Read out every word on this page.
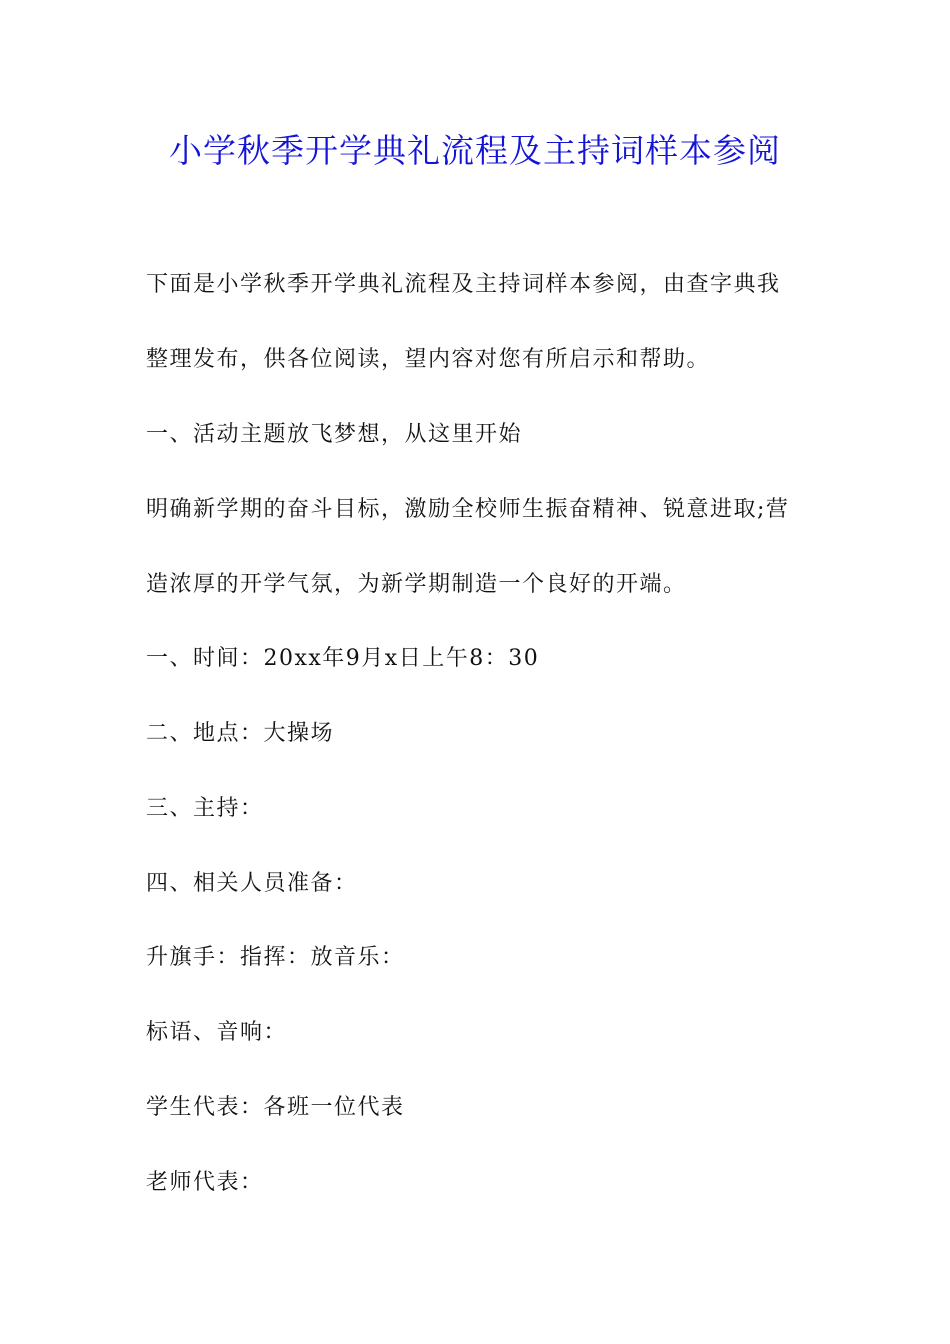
小学秋季开学典礼流程及主持词样本参阅
下面是小学秋季开学典礼流程及主持词样本参阅，由查字典我
整理发布，供各位阅读，望内容对您有所启示和帮助。
一、活动主题放飞梦想，从这里开始
明确新学期的奋斗目标，激励全校师生振奋精神、锐意进取;营
造浓厚的开学气氛，为新学期制造一个良好的开端。
一、时间：20xx年9月x日上午8：30
二、地点：大操场
三、主持：
四、相关人员准备：
升旗手：指挥：放音乐：
标语、音响：
学生代表：各班一位代表
老师代表：
